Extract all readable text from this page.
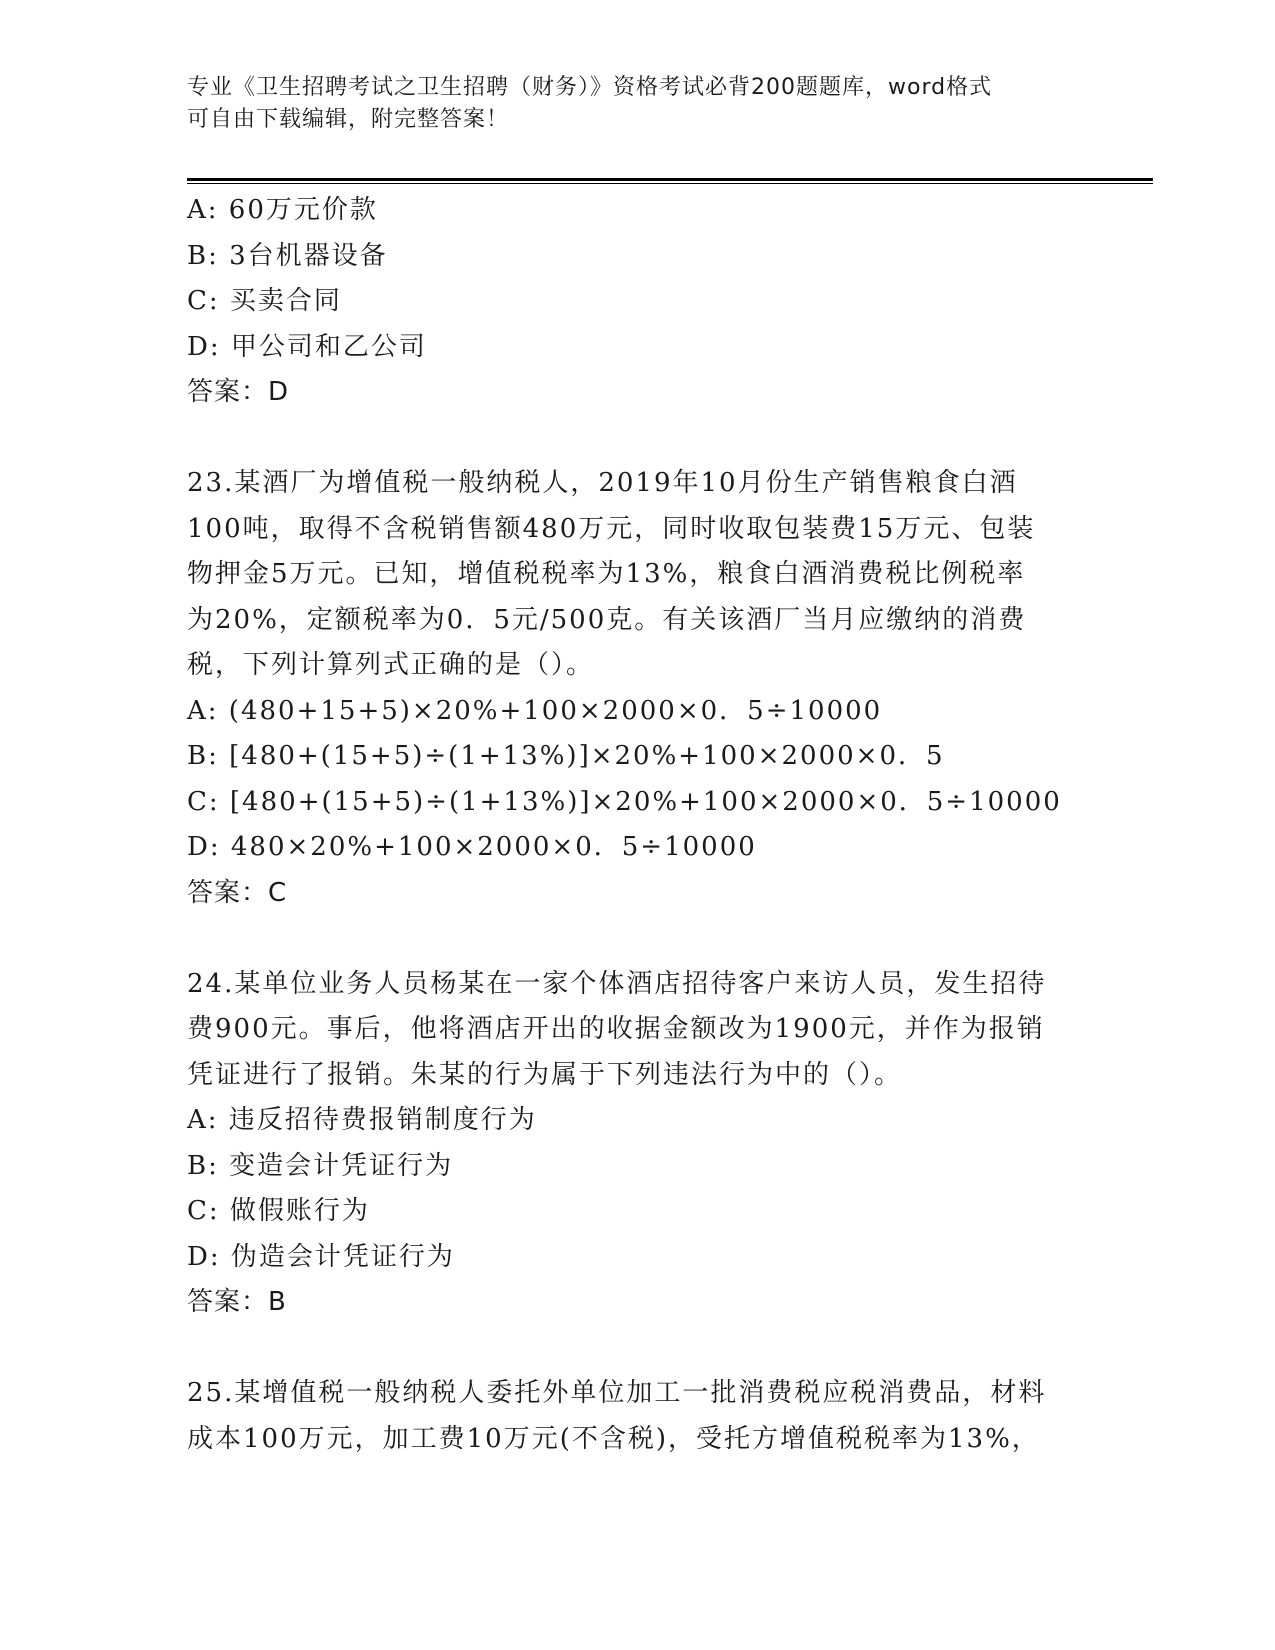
专业《卫生招聘考试之卫生招聘（财务）》资格考试必背200题题库，word格式
可自由下载编辑，附完整答案！
A: 60万元价款
B: 3台机器设备
C: 买卖合同
D: 甲公司和乙公司
答案：D
23.某酒厂为增值税一般纳税人，2019年10月份生产销售粮食白酒
100吨，取得不含税销售额480万元，同时收取包装费15万元、包装
物押金5万元。已知，增值税税率为13%，粮食白酒消费税比例税率
为20%，定额税率为0．5元/500克。有关该酒厂当月应缴纳的消费
税，下列计算列式正确的是（）。
A: (480+15+5)×20%+100×2000×0．5÷10000
B: [480+(15+5)÷(1+13%)]×20%+100×2000×0．5
C: [480+(15+5)÷(1+13%)]×20%+100×2000×0．5÷10000
D: 480×20%+100×2000×0．5÷10000
答案：C
24.某单位业务人员杨某在一家个体酒店招待客户来访人员，发生招待
费900元。事后，他将酒店开出的收据金额改为1900元，并作为报销
凭证进行了报销。朱某的行为属于下列违法行为中的（）。
A: 违反招待费报销制度行为
B: 变造会计凭证行为
C: 做假账行为
D: 伪造会计凭证行为
答案：B
25.某增值税一般纳税人委托外单位加工一批消费税应税消费品，材料
成本100万元，加工费10万元(不含税)，受托方增值税税率为13%，
